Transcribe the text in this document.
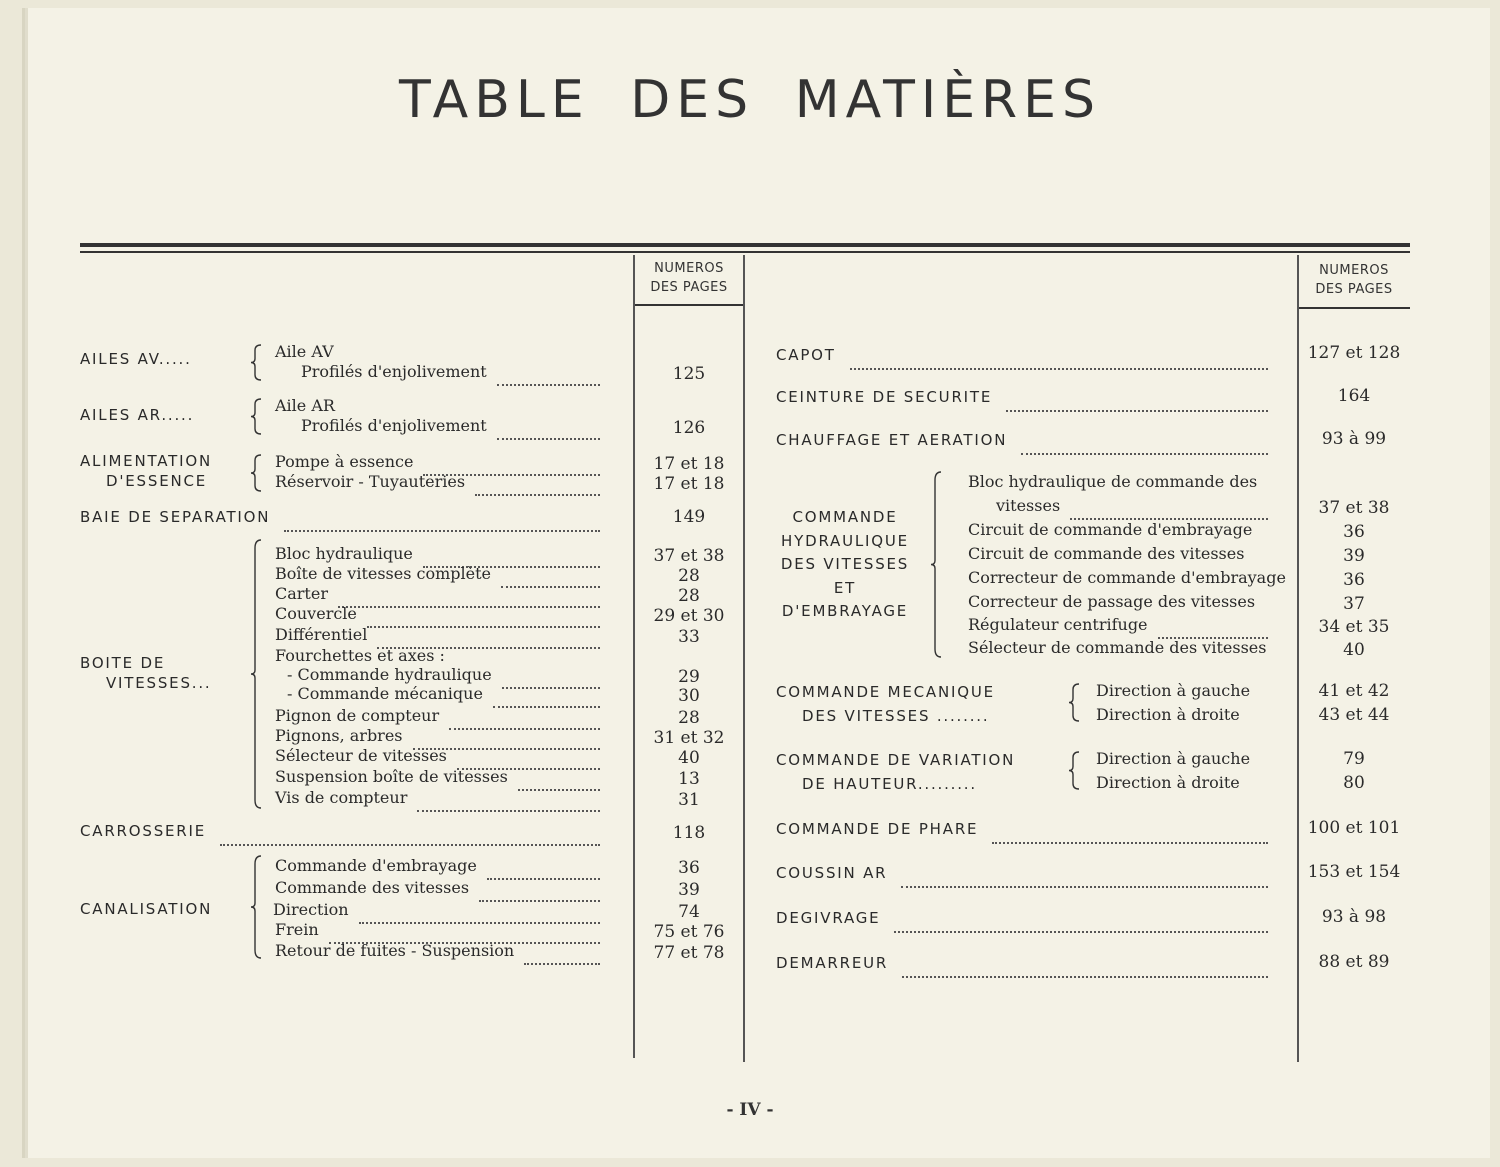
TABLE DES MATIÈRES
NUMEROS
DES PAGES
NUMEROS
DES PAGES
AILES AV.....	Aile AV
Profilés d'enjolivement	125
AILES AR.....	Aile AR
Profilés d'enjolivement	126
ALIMENTATION
D'ESSENCE
Pompe à essence	17 et 18
Réservoir - Tuyauteries	17 et 18
BAIE DE SEPARATION	149
BOITE DE
VITESSES...
Bloc hydraulique	37 et 38
Boîte de vitesses complète	28
Carter	28
Couvercle	29 et 30
Différentiel	33
Fourchettes et axes :
- Commande hydraulique	29
- Commande mécanique	30
Pignon de compteur	28
Pignons, arbres	31 et 32
Sélecteur de vitesses	40
Suspension boîte de vitesses	13
Vis de compteur	31
CARROSSERIE	118
CANALISATION
Commande d'embrayage	36
Commande des vitesses	39
Direction	74
Frein	75 et 76
Retour de fuites - Suspension	77 et 78
CAPOT	127 et 128
CEINTURE DE SECURITE	164
CHAUFFAGE ET AERATION	93 à 99
COMMANDE
HYDRAULIQUE
DES VITESSES
ET
D'EMBRAYAGE
Bloc hydraulique de commande des
vitesses	37 et 38
Circuit de commande d'embrayage	36
Circuit de commande des vitesses	39
Correcteur de commande d'embrayage	36
Correcteur de passage des vitesses	37
Régulateur centrifuge	34 et 35
Sélecteur de commande des vitesses	40
COMMANDE MECANIQUE
DES VITESSES ........
Direction à gauche	41 et 42
Direction à droite	43 et 44
COMMANDE DE VARIATION
DE HAUTEUR.........
Direction à gauche	79
Direction à droite	80
COMMANDE DE PHARE	100 et 101
COUSSIN AR	153 et 154
DEGIVRAGE	93 à 98
DEMARREUR	88 et 89
- IV -
